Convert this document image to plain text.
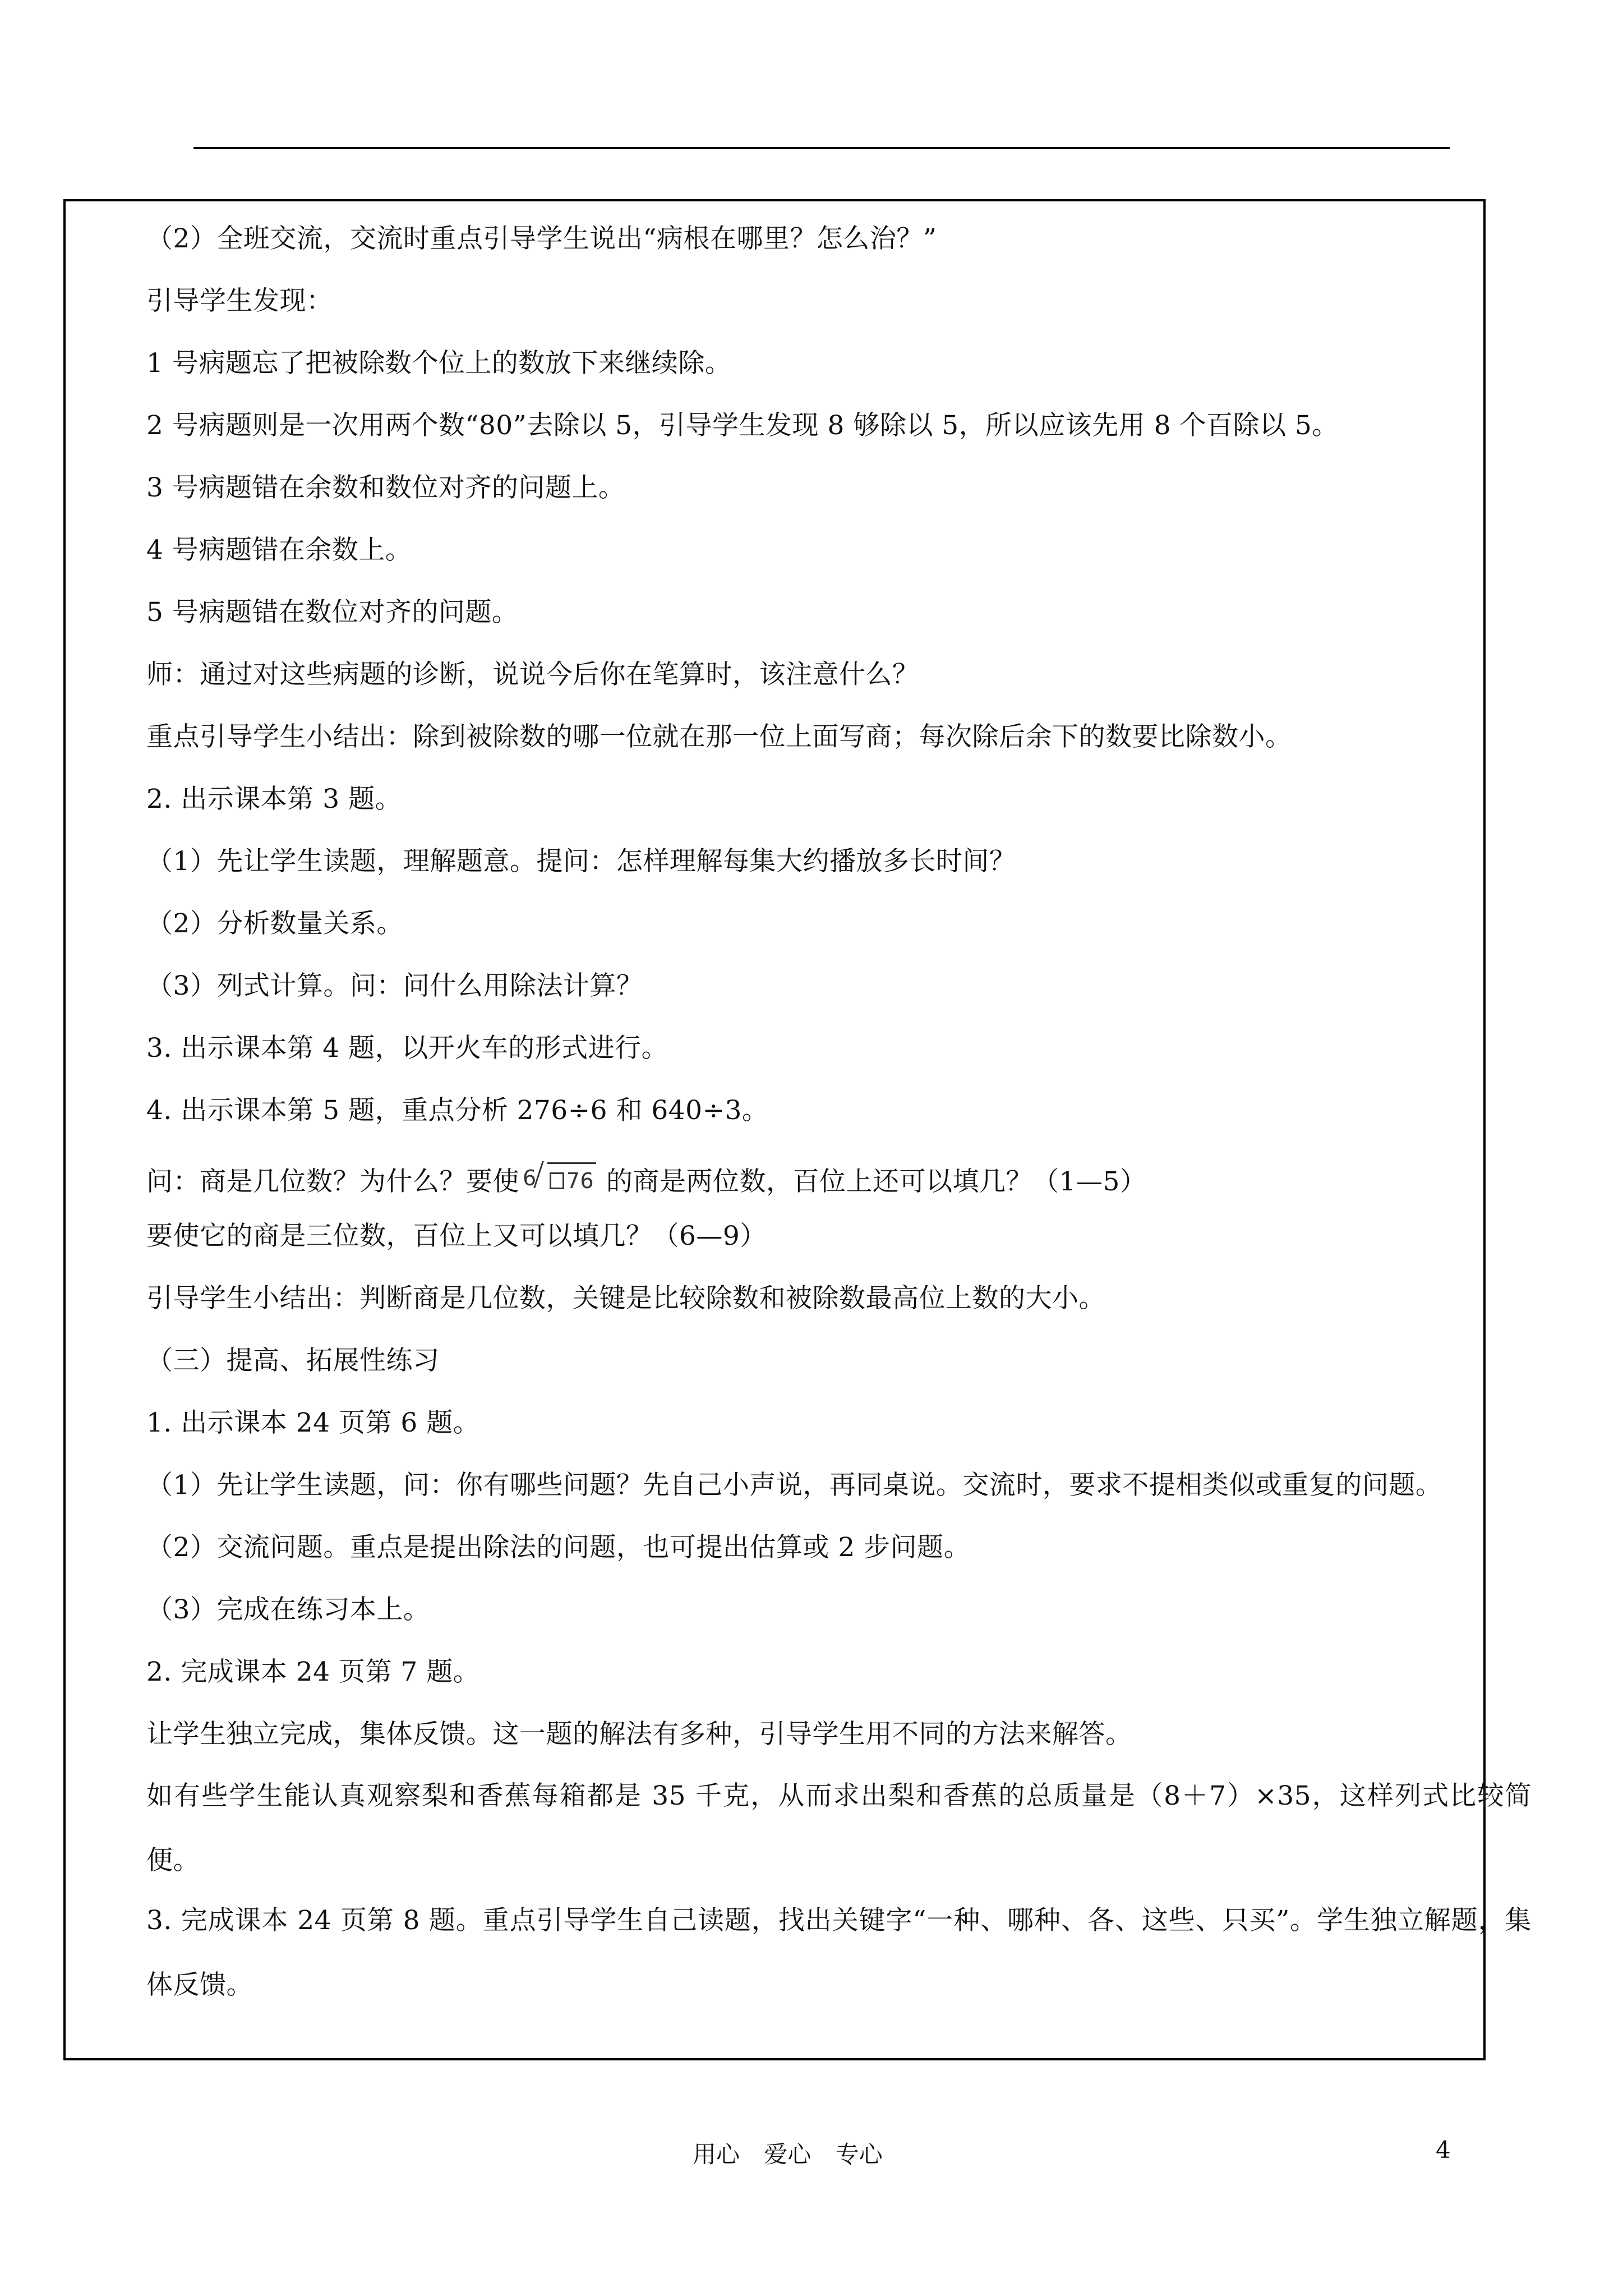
（2）全班交流，交流时重点引导学生说出“病根在哪里？怎么治？”
引导学生发现：
1 号病题忘了把被除数个位上的数放下来继续除。
2 号病题则是一次用两个数“80”去除以 5，引导学生发现 8 够除以 5，所以应该先用 8 个百除以 5。
3 号病题错在余数和数位对齐的问题上。
4 号病题错在余数上。
5 号病题错在数位对齐的问题。
师：通过对这些病题的诊断，说说今后你在笔算时，该注意什么？
重点引导学生小结出：除到被除数的哪一位就在那一位上面写商；每次除后余下的数要比除数小。
2. 出示课本第 3 题。
（1）先让学生读题，理解题意。提问：怎样理解每集大约播放多长时间？
（2）分析数量关系。
（3）列式计算。问：问什么用除法计算？
3. 出示课本第 4 题，以开火车的形式进行。
4. 出示课本第 5 题，重点分析 276÷6 和 640÷3。
问：商是几位数？为什么？要使 6 76 的商是两位数，百位上还可以填几？（1—5）
要使它的商是三位数，百位上又可以填几？（6—9）
引导学生小结出：判断商是几位数，关键是比较除数和被除数最高位上数的大小。
（三）提高、拓展性练习
1. 出示课本 24 页第 6 题。
（1）先让学生读题，问：你有哪些问题？先自己小声说，再同桌说。交流时，要求不提相类似或重复的问题。
（2）交流问题。重点是提出除法的问题，也可提出估算或 2 步问题。
（3）完成在练习本上。
2. 完成课本 24 页第 7 题。
让学生独立完成，集体反馈。这一题的解法有多种，引导学生用不同的方法来解答。
如有些学生能认真观察梨和香蕉每箱都是 35 千克，从而求出梨和香蕉的总质量是（8＋7）×35，这样列式比较简便。
3. 完成课本 24 页第 8 题。重点引导学生自己读题，找出关键字“一种、哪种、各、这些、只买”。学生独立解题，集体反馈。
用心 爱心 专心	4
